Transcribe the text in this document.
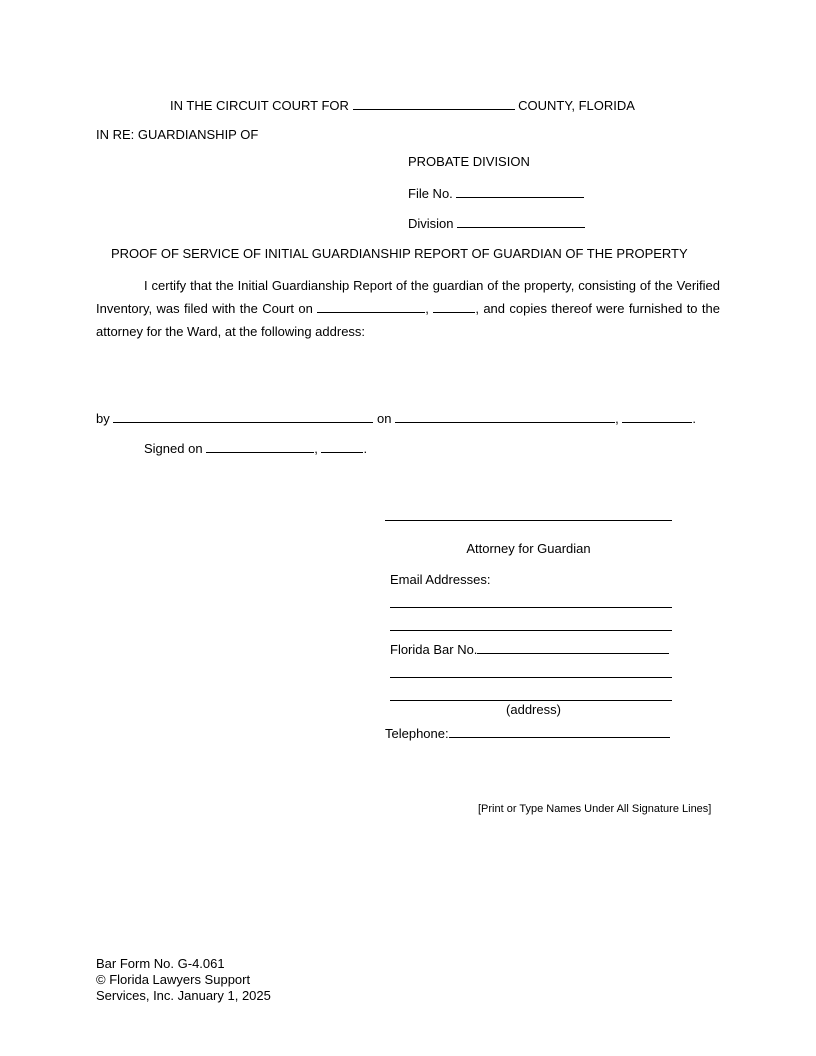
IN THE CIRCUIT COURT FOR	COUNTY, FLORIDA
IN RE: GUARDIANSHIP OF
PROBATE DIVISION
File No.
Division
PROOF OF SERVICE OF INITIAL GUARDIANSHIP REPORT OF GUARDIAN OF THE PROPERTY
I certify that the Initial Guardianship Report of the guardian of the property, consisting of the Verified Inventory, was filed with the Court on	,	, and copies thereof were furnished to the attorney for the Ward, at the following address:
by	on	,	.
Signed on	,	.
Attorney for Guardian
Email Addresses:
Florida Bar No.
(address)
Telephone:
[Print or Type Names Under All Signature Lines]
Bar Form No. G-4.061
© Florida Lawyers Support
Services, Inc. January 1, 2025
